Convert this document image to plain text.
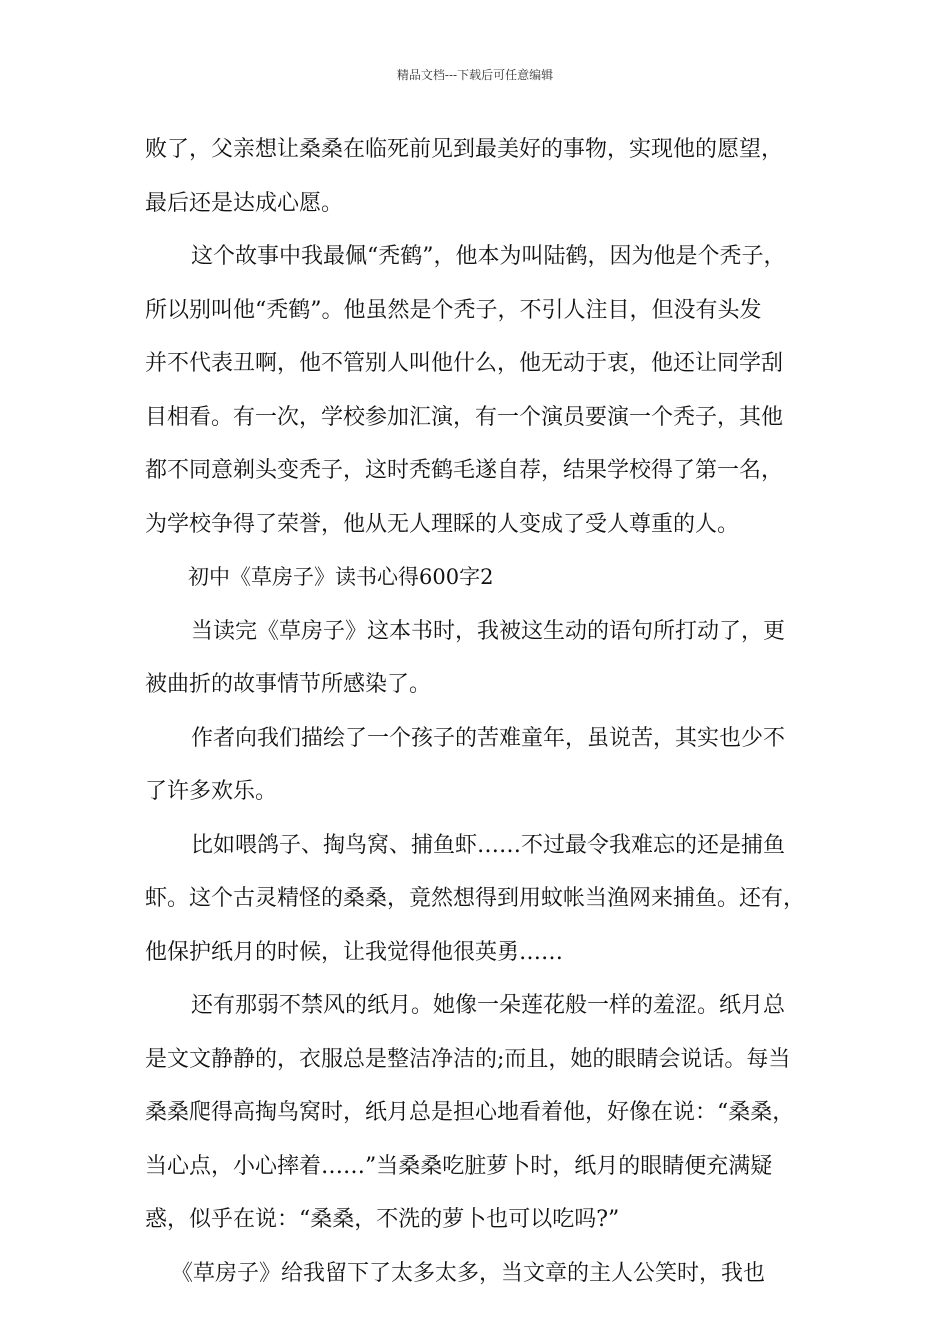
精品文档---下载后可任意编辑
败了，父亲想让桑桑在临死前见到最美好的事物，实现他的愿望，
最后还是达成心愿。
这个故事中我最佩“秃鹤”，他本为叫陆鹤，因为他是个秃子，
所以别叫他“秃鹤”。他虽然是个秃子，不引人注目，但没有头发
并不代表丑啊，他不管别人叫他什么，他无动于衷，他还让同学刮
目相看。有一次，学校参加汇演，有一个演员要演一个秃子，其他
都不同意剃头变秃子，这时秃鹤毛遂自荐，结果学校得了第一名，
为学校争得了荣誉，他从无人理睬的人变成了受人尊重的人。
初中《草房子》读书心得600字2
当读完《草房子》这本书时，我被这生动的语句所打动了，更
被曲折的故事情节所感染了。
作者向我们描绘了一个孩子的苦难童年，虽说苦，其实也少不
了许多欢乐。
比如喂鸽子、掏鸟窝、捕鱼虾……不过最令我难忘的还是捕鱼
虾。这个古灵精怪的桑桑，竟然想得到用蚊帐当渔网来捕鱼。还有，
他保护纸月的时候，让我觉得他很英勇……
还有那弱不禁风的纸月。她像一朵莲花般一样的羞涩。纸月总
是文文静静的，衣服总是整洁净洁的;而且，她的眼睛会说话。每当
桑桑爬得高掏鸟窝时，纸月总是担心地看着他，好像在说：“桑桑，
当心点，小心摔着……”当桑桑吃脏萝卜时，纸月的眼睛便充满疑
惑，似乎在说：“桑桑，不洗的萝卜也可以吃吗?”
《草房子》给我留下了太多太多，当文章的主人公笑时，我也
